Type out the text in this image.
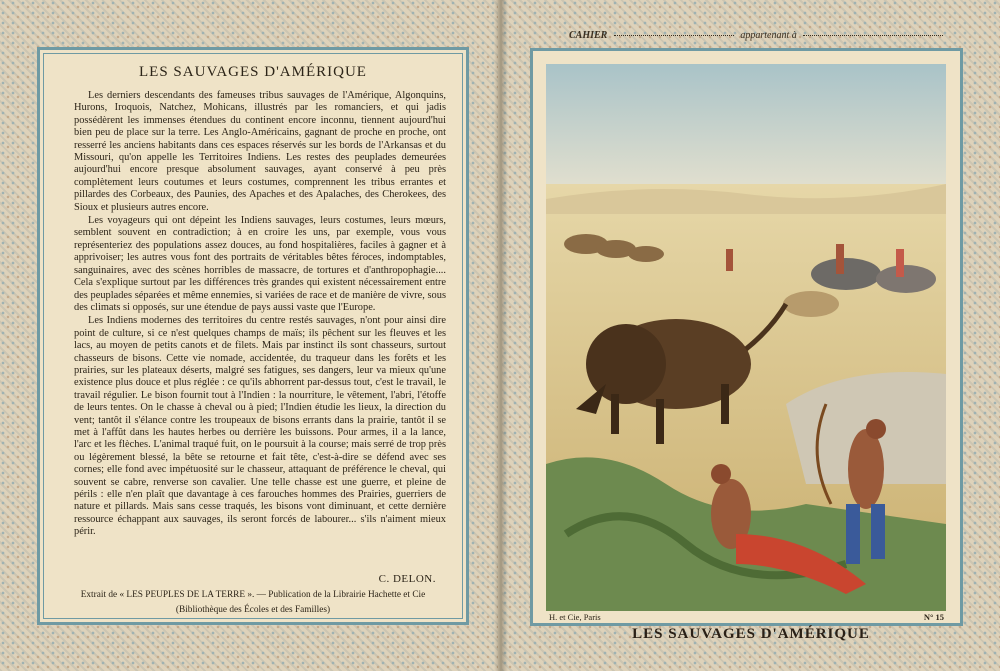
LES SAUVAGES D'AMÉRIQUE

Les derniers descendants des fameuses tribus sauvages de l'Amérique, Algonquins, Hurons, Iroquois, Natchez, Mohicans, illustrés par les romanciers, et qui jadis possédèrent les immenses étendues du continent encore inconnu, tiennent aujourd'hui bien peu de place sur la terre. Les Anglo-Américains, gagnant de proche en proche, ont resserré les anciens habitants dans ces espaces réservés sur les bords de l'Arkansas et du Missouri, qu'on appelle les Territoires Indiens. Les restes des peuplades demeurées aujourd'hui encore presque absolument sauvages, ayant conservé à peu près complètement leurs coutumes et leurs costumes, comprennent les tribus errantes et pillardes des Corbeaux, des Paunies, des Apaches et des Apalaches, des Cherokees, des Sioux et plusieurs autres encore.

Les voyageurs qui ont dépeint les Indiens sauvages, leurs costumes, leurs mœurs, semblent souvent en contradiction; à en croire les uns, par exemple, vous vous représenteriez des populations assez douces, au fond hospitalières, faciles à gagner et à apprivoiser; les autres vous font des portraits de véritables bêtes féroces, indomptables, sanguinaires, avec des scènes horribles de massacre, de tortures et d'anthropophagie.... Cela s'explique surtout par les différences très grandes qui existent nécessairement entre des peuplades séparées et même ennemies, si variées de race et de manière de vivre, sous des climats si opposés, sur une étendue de pays aussi vaste que l'Europe.

Les Indiens modernes des territoires du centre restés sauvages, n'ont pour ainsi dire point de culture, si ce n'est quelques champs de maïs; ils pêchent sur les fleuves et les lacs, au moyen de petits canots et de filets. Mais par instinct ils sont chasseurs, surtout chasseurs de bisons. Cette vie nomade, accidentée, du traqueur dans les forêts et les prairies, sur les plateaux déserts, malgré ses fatigues, ses dangers, leur va mieux qu'une existence plus douce et plus réglée : ce qu'ils abhorrent par-dessus tout, c'est le travail, le travail régulier. Le bison fournit tout à l'Indien : la nourriture, le vêtement, l'abri, l'étoffe de leurs tentes. On le chasse à cheval ou à pied; l'Indien étudie les lieux, la direction du vent; tantôt il s'élance contre les troupeaux de bisons errants dans la prairie, tantôt il se met à l'affût dans les hautes herbes ou derrière les buissons. Pour armes, il a la lance, l'arc et les flèches. L'animal traqué fuit, on le poursuit à la course; mais serré de trop près ou légèrement blessé, la bête se retourne et fait tête, c'est-à-dire se défend avec ses cornes; elle fond avec impétuosité sur le chasseur, attaquant de préférence le cheval, qui souvent se cabre, renverse son cavalier. Une telle chasse est une guerre, et pleine de périls : elle n'en plaît que davantage à ces farouches hommes des Prairies, guerriers de nature et pillards. Mais sans cesse traqués, les bisons vont diminuant, et cette dernière ressource échappant aux sauvages, ils seront forcés de labourer... s'ils n'aiment mieux périr.

C. DELON.
Extrait de « LES PEUPLES DE LA TERRE ». — Publication de la Librairie Hachette et Cie
(Bibliothèque des Écoles et des Familles)
CAHIER	appartenant à
H. et Cie, Paris	N° 15
LES SAUVAGES D'AMÉRIQUE
